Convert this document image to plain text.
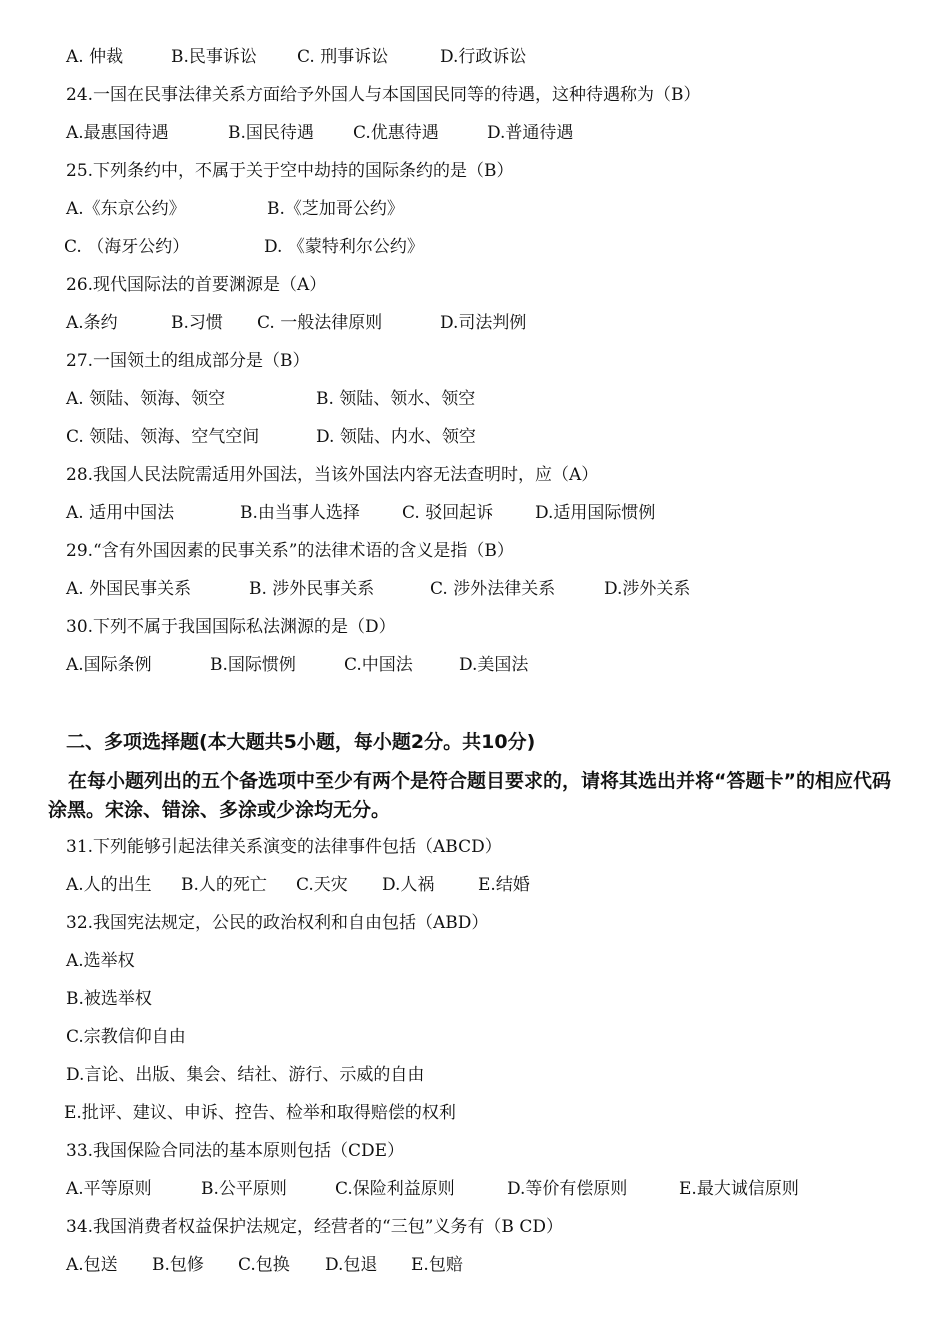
A. 仲裁	B.民事诉讼 C. 刑事诉讼	D.行政诉讼
24.一国在民事法律关系方面给予外国人与本国国民同等的待遇，这种待遇称为（B）
A.最惠国待遇	B.国民待遇 C.优惠待遇	D.普通待遇
25.下列条约中，不属于关于空中劫持的国际条约的是（B）
A.《东京公约》	B.《芝加哥公约》
C. （海牙公约）	D. 《蒙特利尔公约》
26.现代国际法的首要渊源是（A）
A.条约	B.习惯 C. 一般法律原则	D.司法判例
27.一国领土的组成部分是（B）
A. 领陆、领海、领空	B. 领陆、领水、领空
C. 领陆、领海、空气空间	D. 领陆、内水、领空
28.我国人民法院需适用外国法，当该外国法内容无法查明时，应（A）
A. 适用中国法	B.由当事人选择 C. 驳回起诉 D.适用国际惯例
29.“含有外国因素的民事关系”的法律术语的含义是指（B）
A. 外国民事关系	B. 涉外民事关系	C. 涉外法律关系	D.涉外关系
30.下列不属于我国国际私法渊源的是（D）
A.国际条例	B.国际惯例	C.中国法	D.美国法
二、多项选择题(本大题共5小题，每小题2分。共10分)
在每小题列出的五个备选项中至少有两个是符合题目要求的，请将其选出并将“答题卡”的相应代码涂黑。宋涂、错涂、多涂或少涂均无分。
31.下列能够引起法律关系演变的法律事件包括（ABCD）
A.人的出生 B.人的死亡 C.天灾 D.人祸	E.结婚
32.我国宪法规定，公民的政治权利和自由包括（ABD）
A.选举权
B.被选举权
C.宗教信仰自由
D.言论、出版、集会、结社、游行、示威的自由
E.批评、建议、申诉、控告、检举和取得赔偿的权利
33.我国保险合同法的基本原则包括（CDE）
A.平等原则	B.公平原则	C.保险利益原则	D.等价有偿原则	E.最大诚信原则
34.我国消费者权益保护法规定，经营者的“三包”义务有（B CD）
A.包送 B.包修 C.包换 D.包退 E.包赔
